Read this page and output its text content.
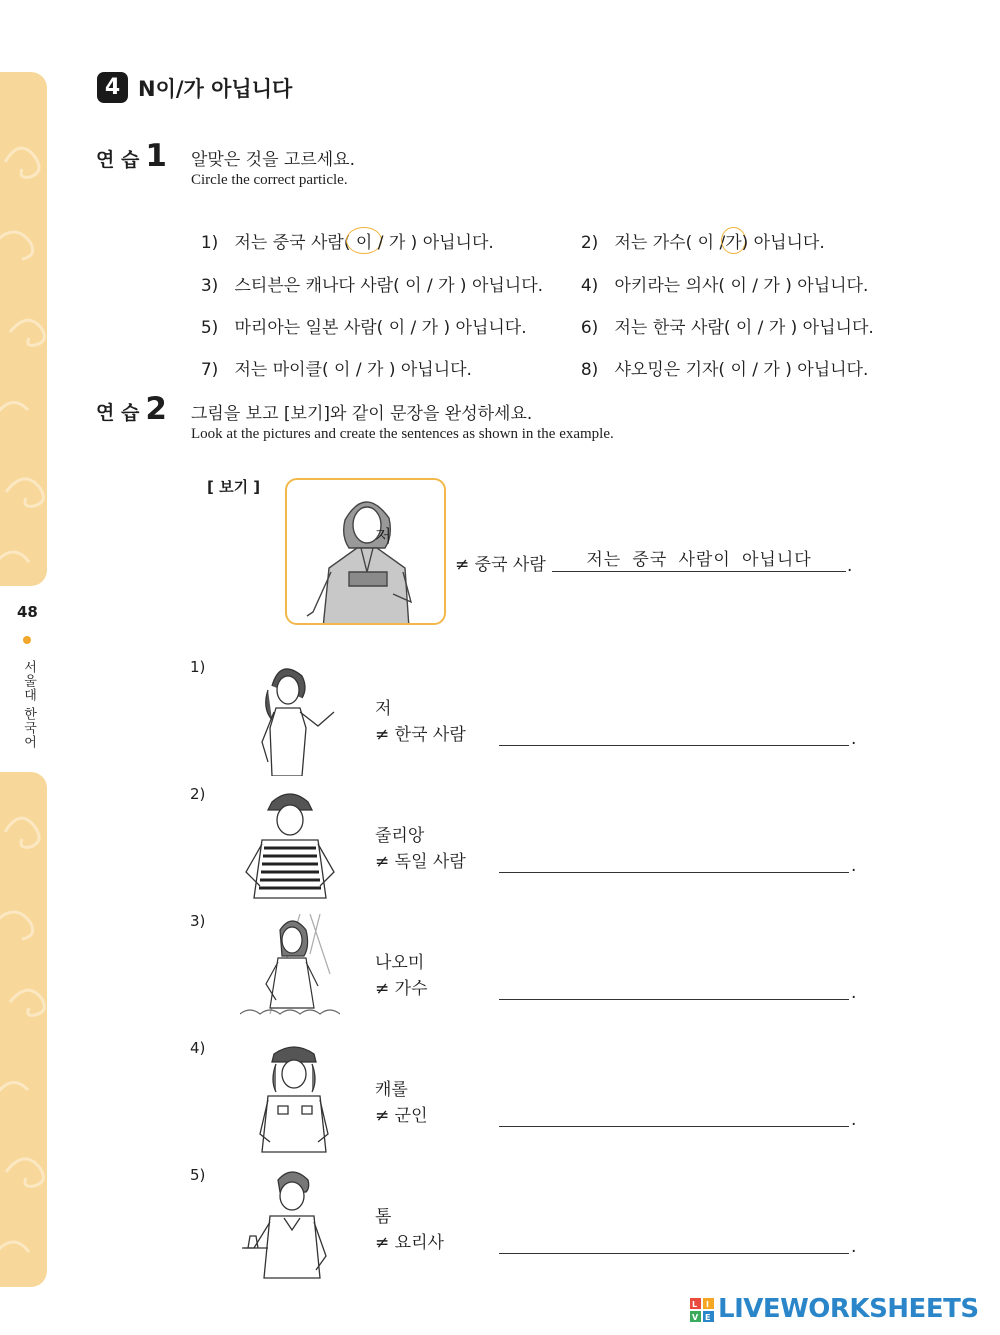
48
서울대 한국어
4 N이/가 아닙니다
연 습 1 알맞은 것을 고르세요.
Circle the correct particle.

1) 저는 중국 사람( 이 / 가 ) 아닙니다.	2) 저는 가수( 이 /가) 아닙니다.

3) 스티븐은 캐나다 사람( 이 / 가 ) 아닙니다.	4) 아키라는 의사( 이 / 가 ) 아닙니다.

5) 마리아는 일본 사람( 이 / 가 ) 아닙니다.	6) 저는 한국 사람( 이 / 가 ) 아닙니다.

7) 저는 마이클( 이 / 가 ) 아닙니다.	8) 샤오밍은 기자( 이 / 가 ) 아닙니다.

연 습 2 그림을 보고 [보기]와 같이 문장을 완성하세요.
Look at the pictures and create the sentences as shown in the example.
[ 보기 ]
저
≠ 중국 사람	저는 중국 사람이 아닙니다	.
1)
저
≠ 한국 사람	.
2)
줄리앙
≠ 독일 사람	.
3)
나오미
≠ 가수	.
4)
캐롤
≠ 군인	.
5)
톰
≠ 요리사	.
L I
V E LIVEWORKSHEETS
